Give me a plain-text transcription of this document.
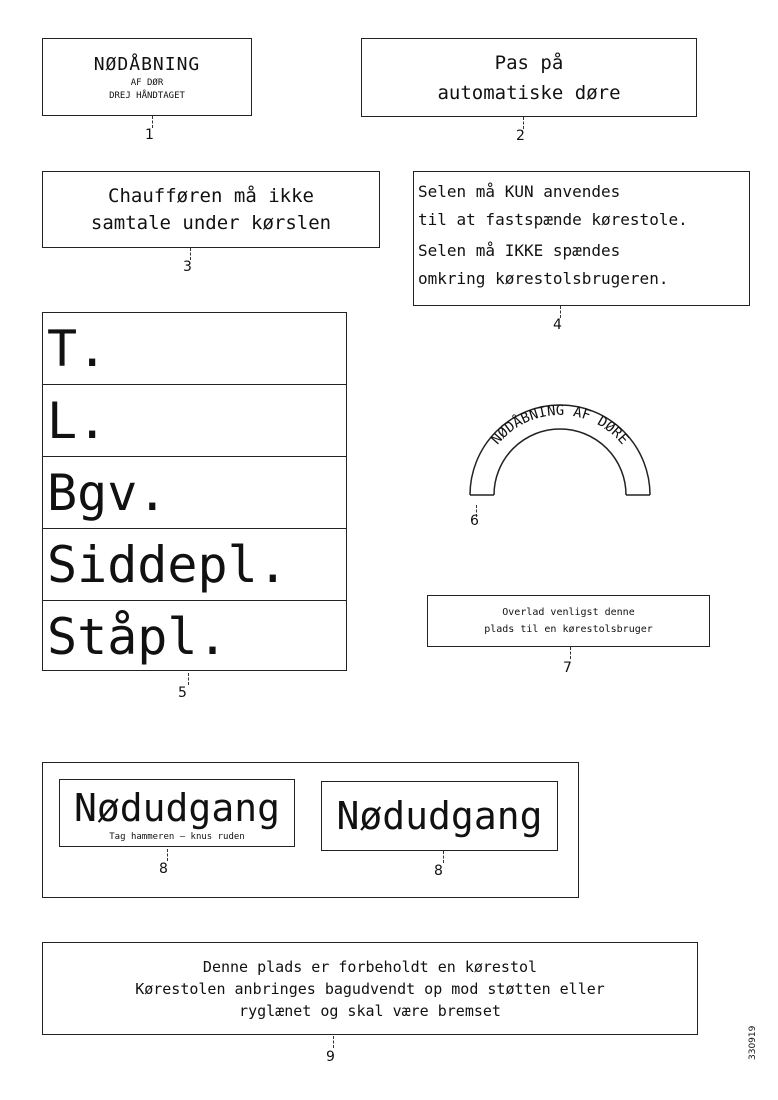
NØDÅBNING
AF DØR
DREJ HÅNDTAGET
1
Pas på
automatiske døre
2
Chaufføren må ikke
samtale under kørslen
3
Selen må KUN anvendes
til at fastspænde kørestole.
Selen må IKKE spændes
omkring kørestolsbrugeren.
4
T.
L.
Bgv.
Siddepl.
Ståpl.
5
NØDÅBNING AF DØRE
6
Overlad venligst denne
plads til en kørestolsbruger
7
Nødudgang
Tag hammeren – knus ruden Nødudgang
8	8
Denne plads er forbeholdt en kørestol
Kørestolen anbringes bagudvendt op mod støtten eller
ryglænet og skal være bremset
9	330919
